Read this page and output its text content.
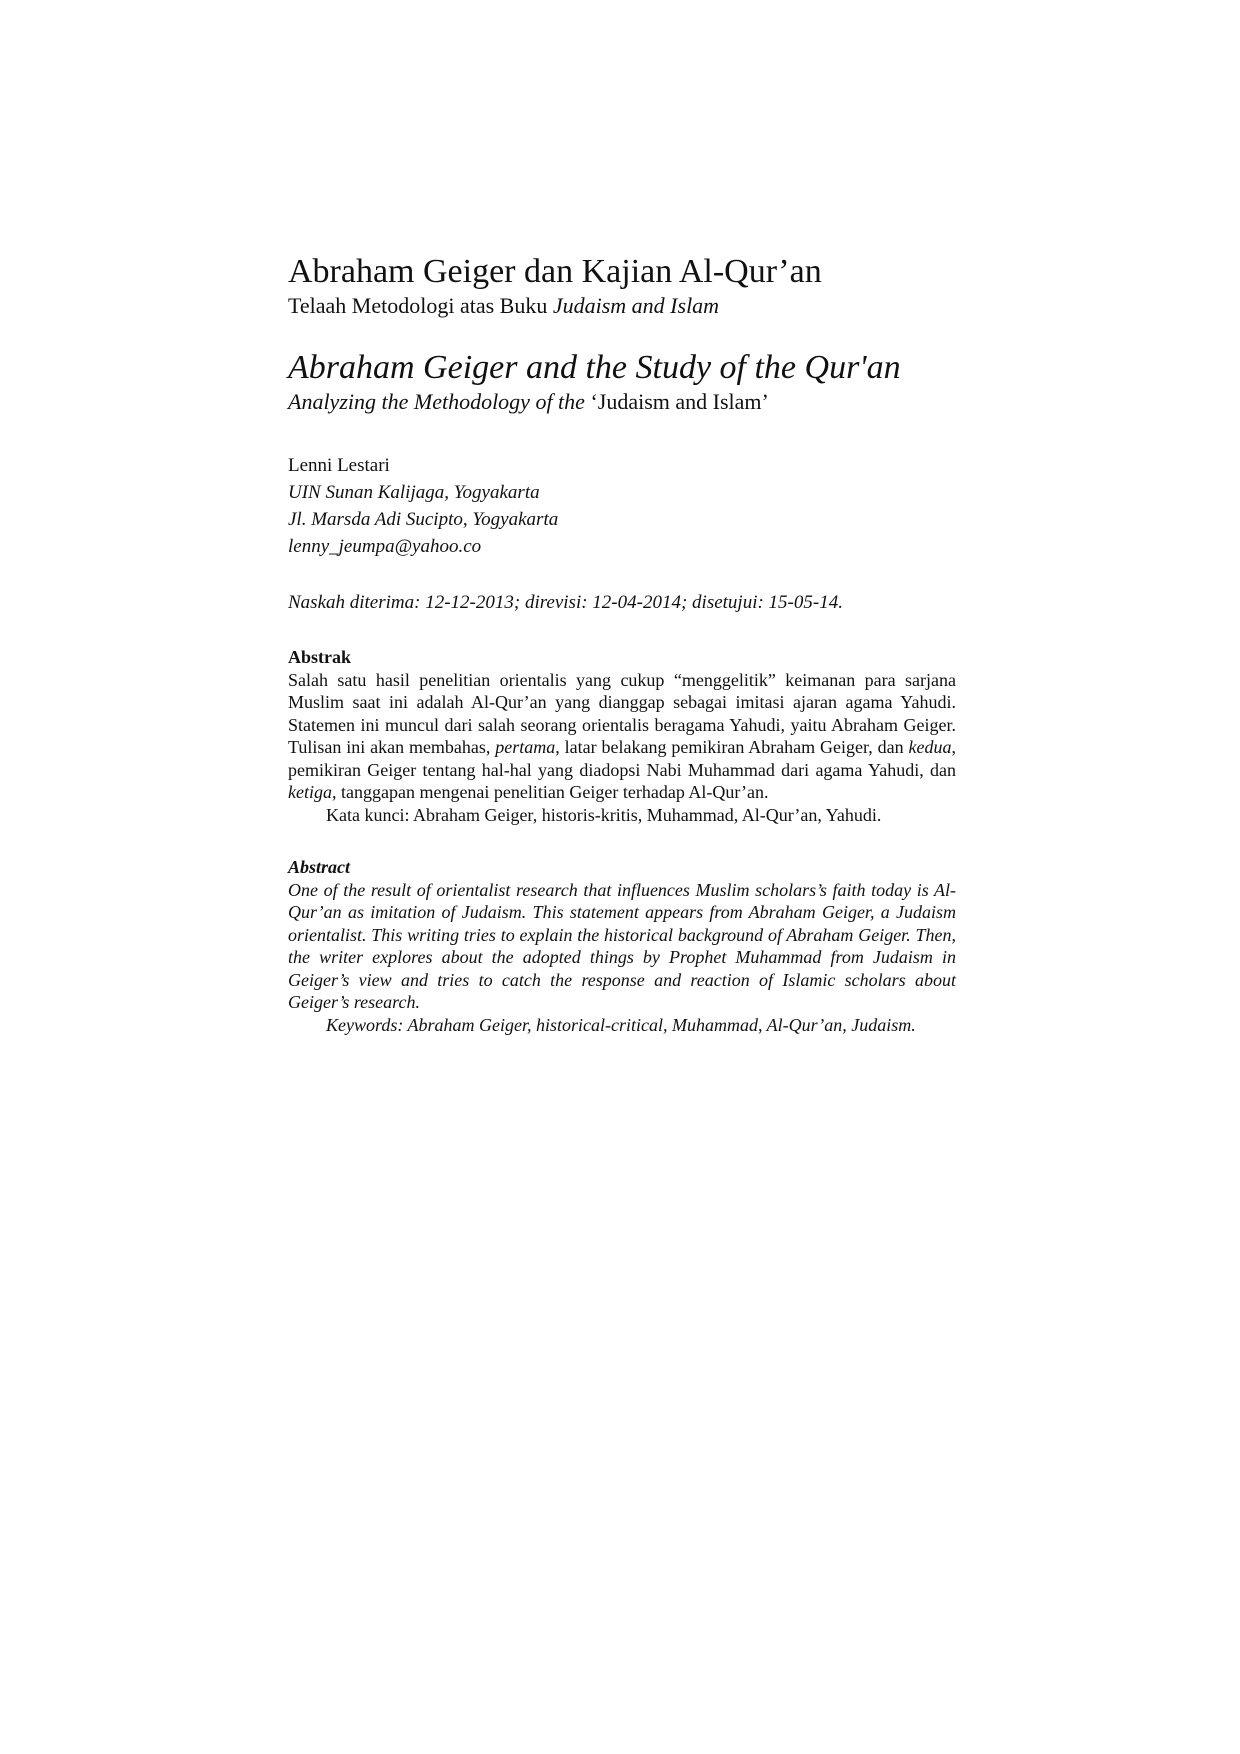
Abraham Geiger dan Kajian Al-Qur’an
Telaah Metodologi atas Buku Judaism and Islam
Abraham Geiger and the Study of the Qur'an
Analyzing the Methodology of the ‘Judaism and Islam’
Lenni Lestari
UIN Sunan Kalijaga, Yogyakarta
Jl. Marsda Adi Sucipto, Yogyakarta
lenny_jeumpa@yahoo.co
Naskah diterima: 12-12-2013; direvisi: 12-04-2014; disetujui: 15-05-14.
Abstrak

Salah satu hasil penelitian orientalis yang cukup “menggelitik” keimanan para sarjana Muslim saat ini adalah Al-Qur’an yang dianggap sebagai imitasi ajaran agama Yahudi. Statemen ini muncul dari salah seorang orientalis beragama Yahudi, yaitu Abraham Geiger. Tulisan ini akan membahas, pertama, latar belakang pemikiran Abraham Geiger, dan kedua, pemikiran Geiger tentang hal-hal yang diadopsi Nabi Muhammad dari agama Yahudi, dan ketiga, tanggapan mengenai penelitian Geiger terhadap Al-Qur’an.

Kata kunci: Abraham Geiger, historis-kritis, Muhammad, Al-Qur’an, Yahudi.

Abstract

One of the result of orientalist research that influences Muslim scholars’s faith today is Al-Qur’an as imitation of Judaism. This statement appears from Abraham Geiger, a Judaism orientalist. This writing tries to explain the historical background of Abraham Geiger. Then, the writer explores about the adopted things by Prophet Muhammad from Judaism in Geiger’s view and tries to catch the response and reaction of Islamic scholars about Geiger’s research.

Keywords: Abraham Geiger, historical-critical, Muhammad, Al-Qur’an, Judaism.
